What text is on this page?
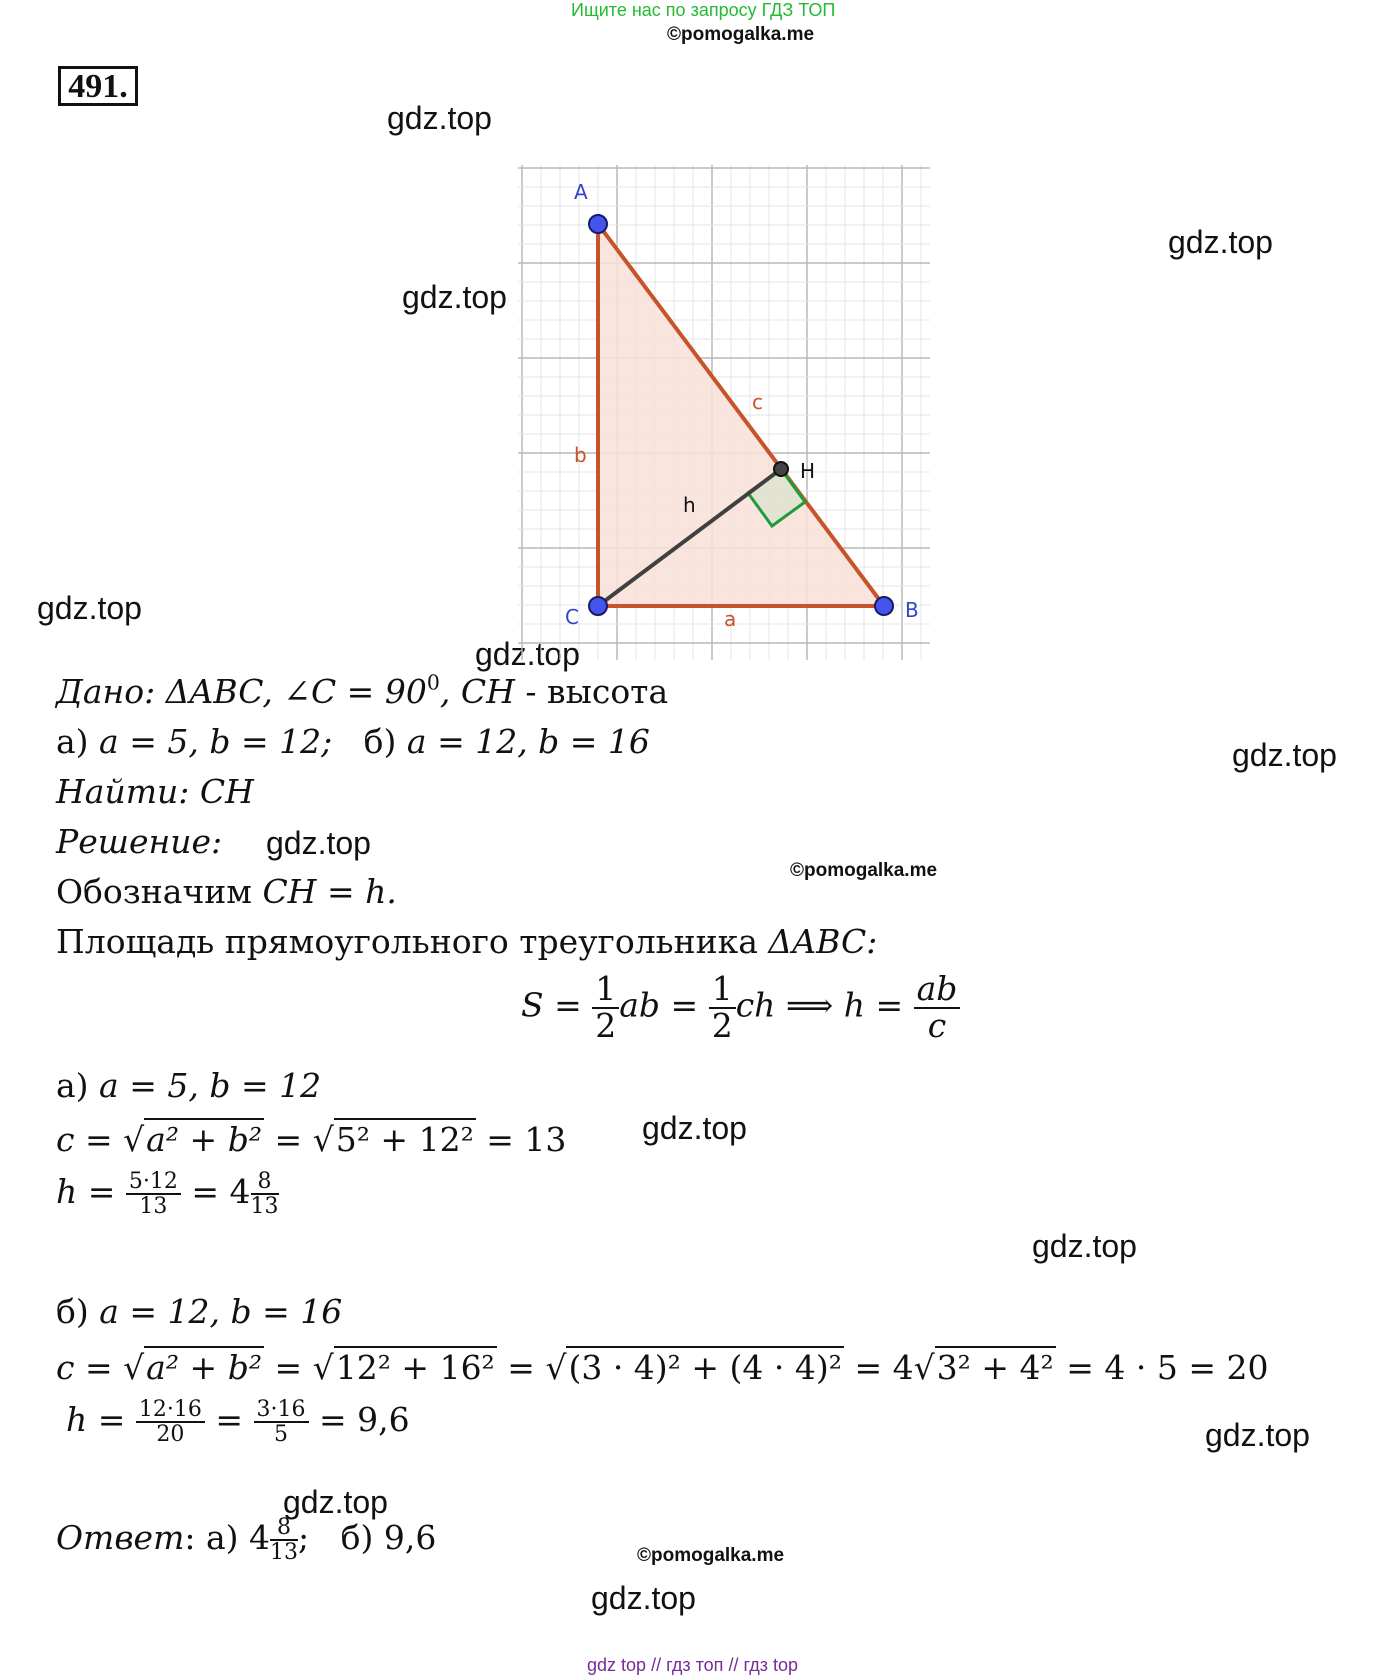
Ищите нас по запросу ГДЗ ТОП
©pomogalka.me
491.
gdz.top
gdz.top
gdz.top
gdz.top
gdz.top
gdz.top
gdz.top
gdz.top
gdz.top
gdz.top
gdz.top
gdz.top
©pomogalka.me
©pomogalka.me
A
C	B
H
a
b
c
h
Дано: ΔABC, ∠C = $90^0$, CH - высота
а) a = 5, b = 12;   б) a = 12, b = 16
Найти: CH
Решение:
Обозначим CH = h.
Площадь прямоугольного треугольника ΔABC:
$S = \frac{1}{2}$ ab = $\frac{1}{2}$ ch ⟹ $h = \frac{ab}{c}$
а) a = 5, b = 12
c = √a² + b² = √5² + 12² = 13
$h = \frac{5\cdot 12}{13} = 4 \frac{8}{13}$
б) a = 12, b = 16
c = √a² + b² = √12² + 16² = √(3 · 4)² + (4 · 4)² = 4√3² + 4² = 4 · 5 = 20
$h = \frac{12\cdot 16}{20} = \frac{3\cdot 16}{5} = 9,6$
Ответ: а) $4 \frac{8}{13}$ ;   б) 9,6
gdz top // гдз топ // гдз top
